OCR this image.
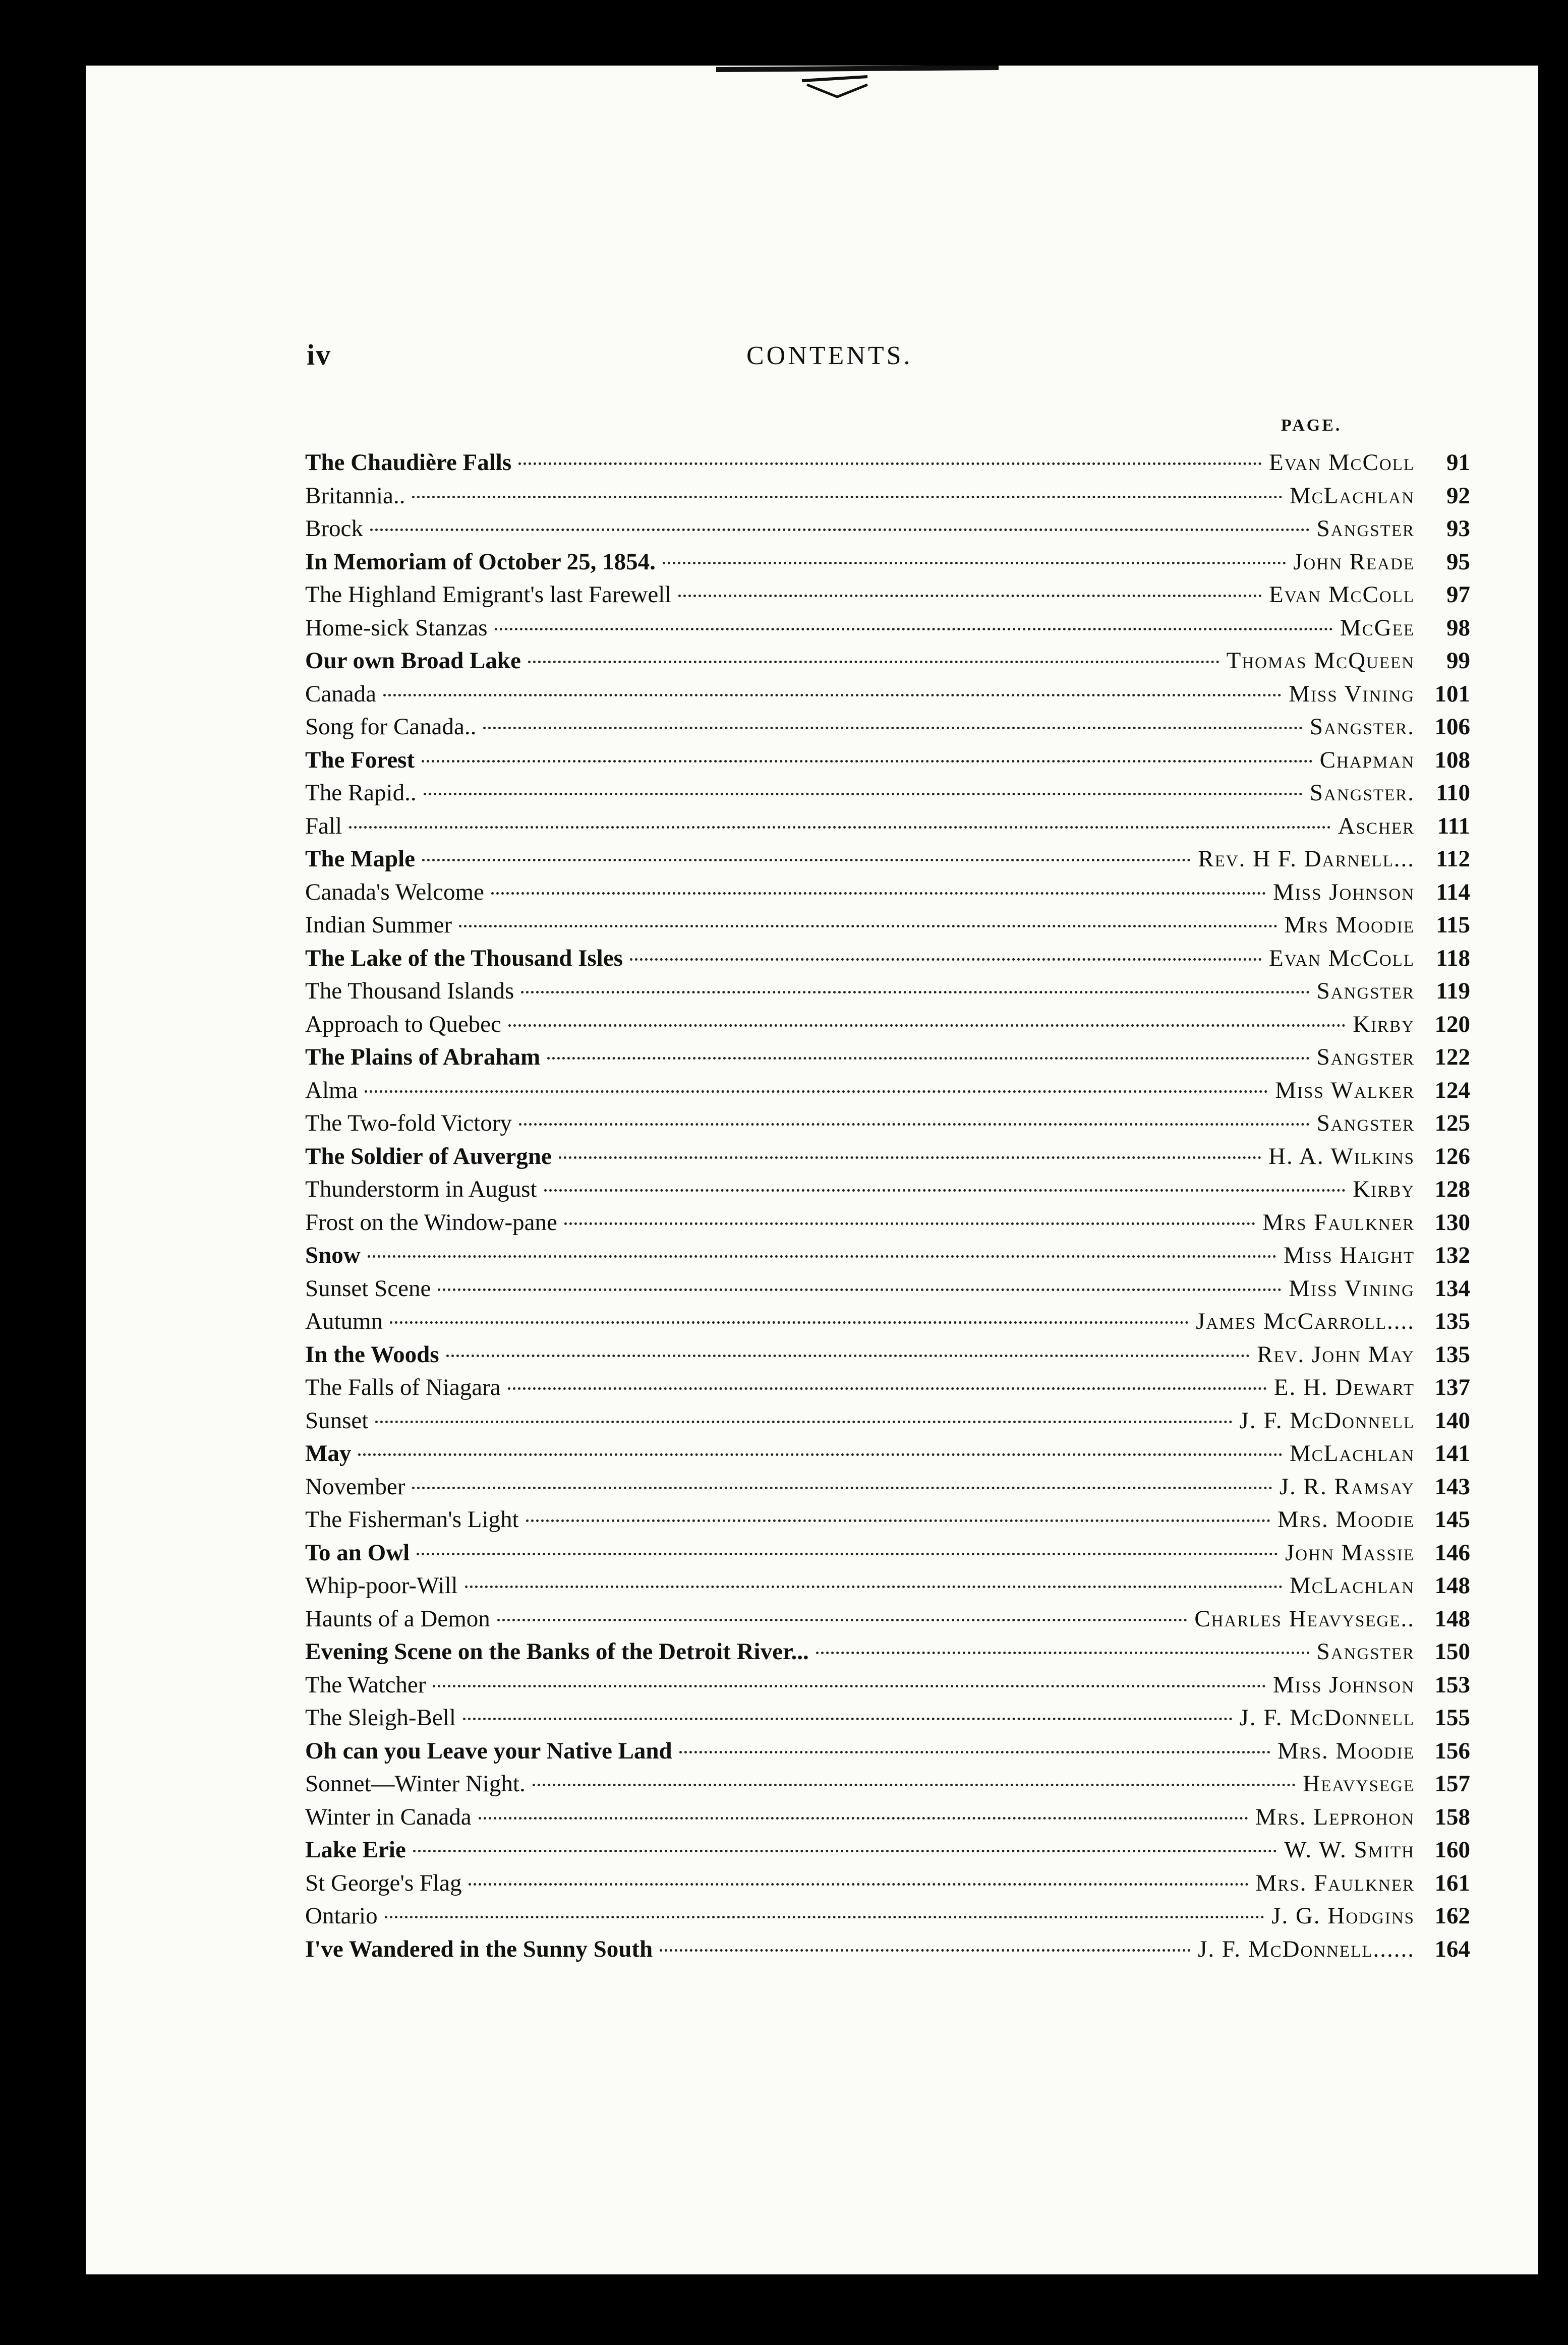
iv	CONTENTS.
PAGE.
The Chaudière Falls	Evan McColl	91
Britannia..	McLachlan	92
Brock	Sangster	93
In Memoriam of October 25, 1854.	John Reade	95
The Highland Emigrant's last Farewell	Evan McColl	97
Home-sick Stanzas	McGee	98
Our own Broad Lake	Thomas McQueen	99
Canada	Miss Vining 101
Song for Canada..	Sangster. 106
The Forest	Chapman 108
The Rapid..	Sangster. 110
Fall	Ascher 111
The Maple	Rev. H F. Darnell... 112
Canada's Welcome	Miss Johnson 114
Indian Summer	Mrs Moodie 115
The Lake of the Thousand Isles	Evan McColl 118
The Thousand Islands	Sangster 119
Approach to Quebec	Kirby 120
The Plains of Abraham	Sangster 122
Alma	Miss Walker 124
The Two-fold Victory	Sangster 125
The Soldier of Auvergne	H. A. Wilkins 126
Thunderstorm in August	Kirby 128
Frost on the Window-pane	Mrs Faulkner 130
Snow	Miss Haight 132
Sunset Scene	Miss Vining 134
Autumn	James McCarroll.... 135
In the Woods	Rev. John May 135
The Falls of Niagara	E. H. Dewart 137
Sunset	J. F. McDonnell 140
May	McLachlan 141
November	J. R. Ramsay 143
The Fisherman's Light	Mrs. Moodie 145
To an Owl	John Massie 146
Whip-poor-Will	McLachlan 148
Haunts of a Demon	Charles Heavysege.. 148
Evening Scene on the Banks of the Detroit River...	Sangster 150
The Watcher	Miss Johnson 153
The Sleigh-Bell	J. F. McDonnell 155
Oh can you Leave your Native Land	Mrs. Moodie 156
Sonnet—Winter Night.	Heavysege 157
Winter in Canada	Mrs. Leprohon 158
Lake Erie	W. W. Smith 160
St George's Flag	Mrs. Faulkner 161
Ontario	J. G. Hodgins 162
I've Wandered in the Sunny South	J. F. McDonnell...... 164
